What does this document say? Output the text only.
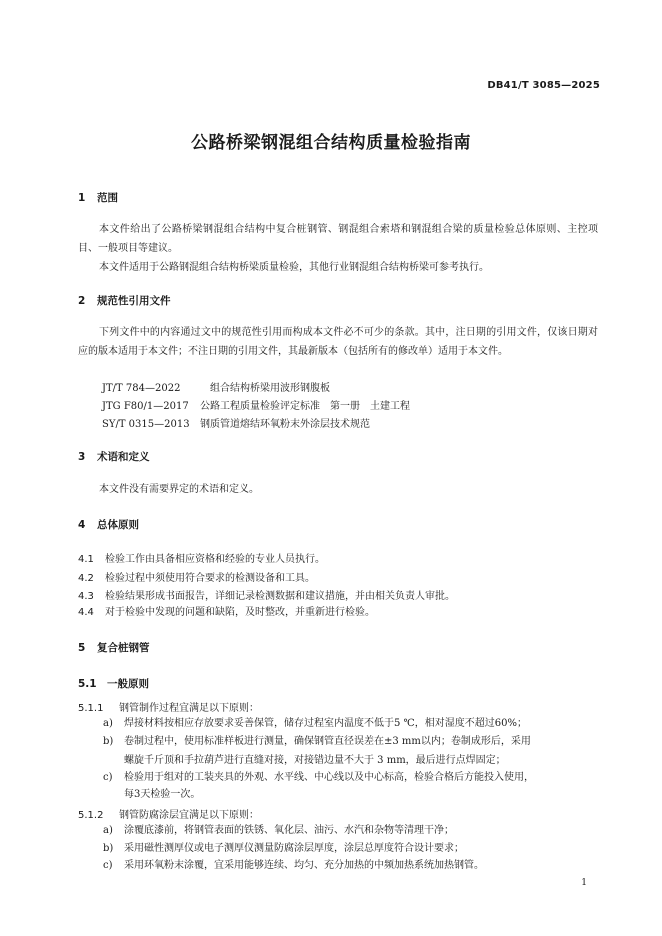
DB41/T 3085—2025
公路桥梁钢混组合结构质量检验指南
1 范围
本文件给出了公路桥梁钢混组合结构中复合桩钢管、钢混组合索塔和钢混组合梁的质量检验总体原则、主控项目、一般项目等建议。
本文件适用于公路钢混组合结构桥梁质量检验，其他行业钢混组合结构桥梁可参考执行。
2 规范性引用文件
下列文件中的内容通过文中的规范性引用而构成本文件必不可少的条款。其中，注日期的引用文件，仅该日期对应的版本适用于本文件；不注日期的引用文件，其最新版本（包括所有的修改单）适用于本文件。
JT/T 784—2022　	组合结构桥梁用波形钢腹板
JTG F80/1—2017 公路工程质量检验评定标准　第一册　土建工程
SY/T 0315—2013 钢质管道熔结环氧粉末外涂层技术规范
3 术语和定义
本文件没有需要界定的术语和定义。
4 总体原则
4.1 检验工作由具备相应资格和经验的专业人员执行。
4.2 检验过程中须使用符合要求的检测设备和工具。
4.3 检验结果形成书面报告，详细记录检测数据和建议措施，并由相关负责人审批。
4.4 对于检验中发现的问题和缺陷，及时整改，并重新进行检验。
5 复合桩钢管
5.1 一般原则
5.1.1 钢管制作过程宜满足以下原则：
a)	焊接材料按相应存放要求妥善保管，储存过程室内温度不低于5 ℃，相对湿度不超过60%；
b)	卷制过程中，使用标准样板进行测量，确保钢管直径误差在±3 mm以内；卷制成形后，采用
螺旋千斤顶和手拉葫芦进行直缝对接，对接错边量不大于 3 mm，最后进行点焊固定；
c)	检验用于组对的工装夹具的外观、水平线、中心线以及中心标高，检验合格后方能投入使用，
每3天检验一次。
5.1.2 钢管防腐涂层宜满足以下原则：
a)	涂覆底漆前，将钢管表面的铁锈、氧化层、油污、水汽和杂物等清理干净；
b)	采用磁性测厚仪或电子测厚仪测量防腐涂层厚度，涂层总厚度符合设计要求；
c)	采用环氧粉末涂覆，宜采用能够连续、均匀、充分加热的中频加热系统加热钢管。
1
